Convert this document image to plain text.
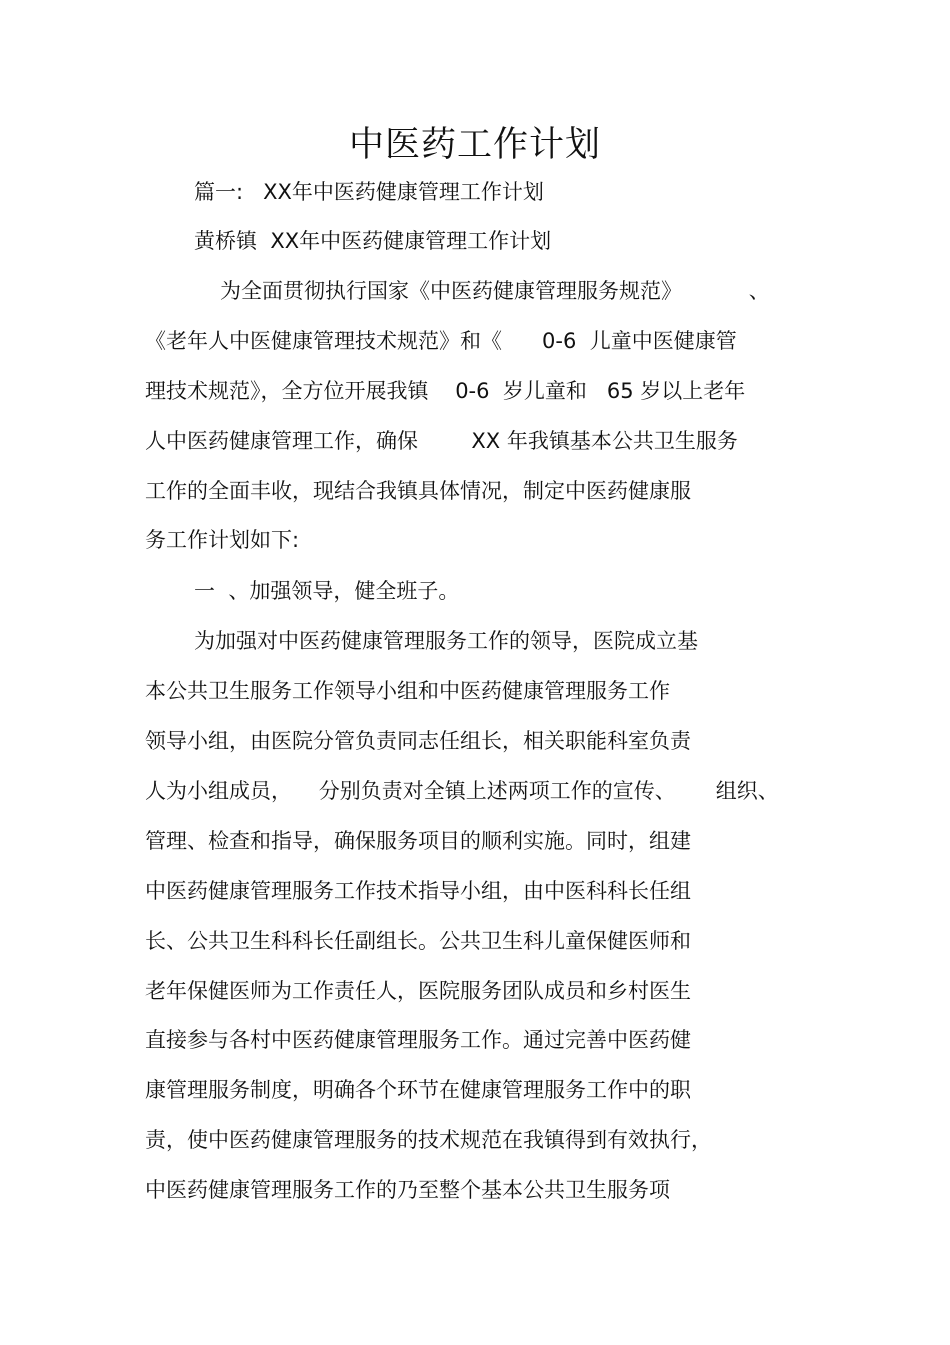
中医药工作计划
篇一:   XX年中医药健康管理工作计划
黄桥镇  XX年中医药健康管理工作计划
为全面贯彻执行国家《中医药健康管理服务规范》          、
《老年人中医健康管理技术规范》和《      0-6  儿童中医健康管
理技术规范》，全方位开展我镇    0-6  岁儿童和   65 岁以上老年
人中医药健康管理工作，确保        XX 年我镇基本公共卫生服务
工作的全面丰收，现结合我镇具体情况，制定中医药健康服
务工作计划如下:
一  、加强领导，健全班子。
为加强对中医药健康管理服务工作的领导，医院成立基
本公共卫生服务工作领导小组和中医药健康管理服务工作
领导小组，由医院分管负责同志任组长，相关职能科室负责
人为小组成员，    分别负责对全镇上述两项工作的宣传、      组织、
管理、检查和指导，确保服务项目的顺利实施。同时，组建
中医药健康管理服务工作技术指导小组，由中医科科长任组
长、公共卫生科科长任副组长。公共卫生科儿童保健医师和
老年保健医师为工作责任人，医院服务团队成员和乡村医生
直接参与各村中医药健康管理服务工作。通过完善中医药健
康管理服务制度，明确各个环节在健康管理服务工作中的职
责，使中医药健康管理服务的技术规范在我镇得到有效执行，
中医药健康管理服务工作的乃至整个基本公共卫生服务项
